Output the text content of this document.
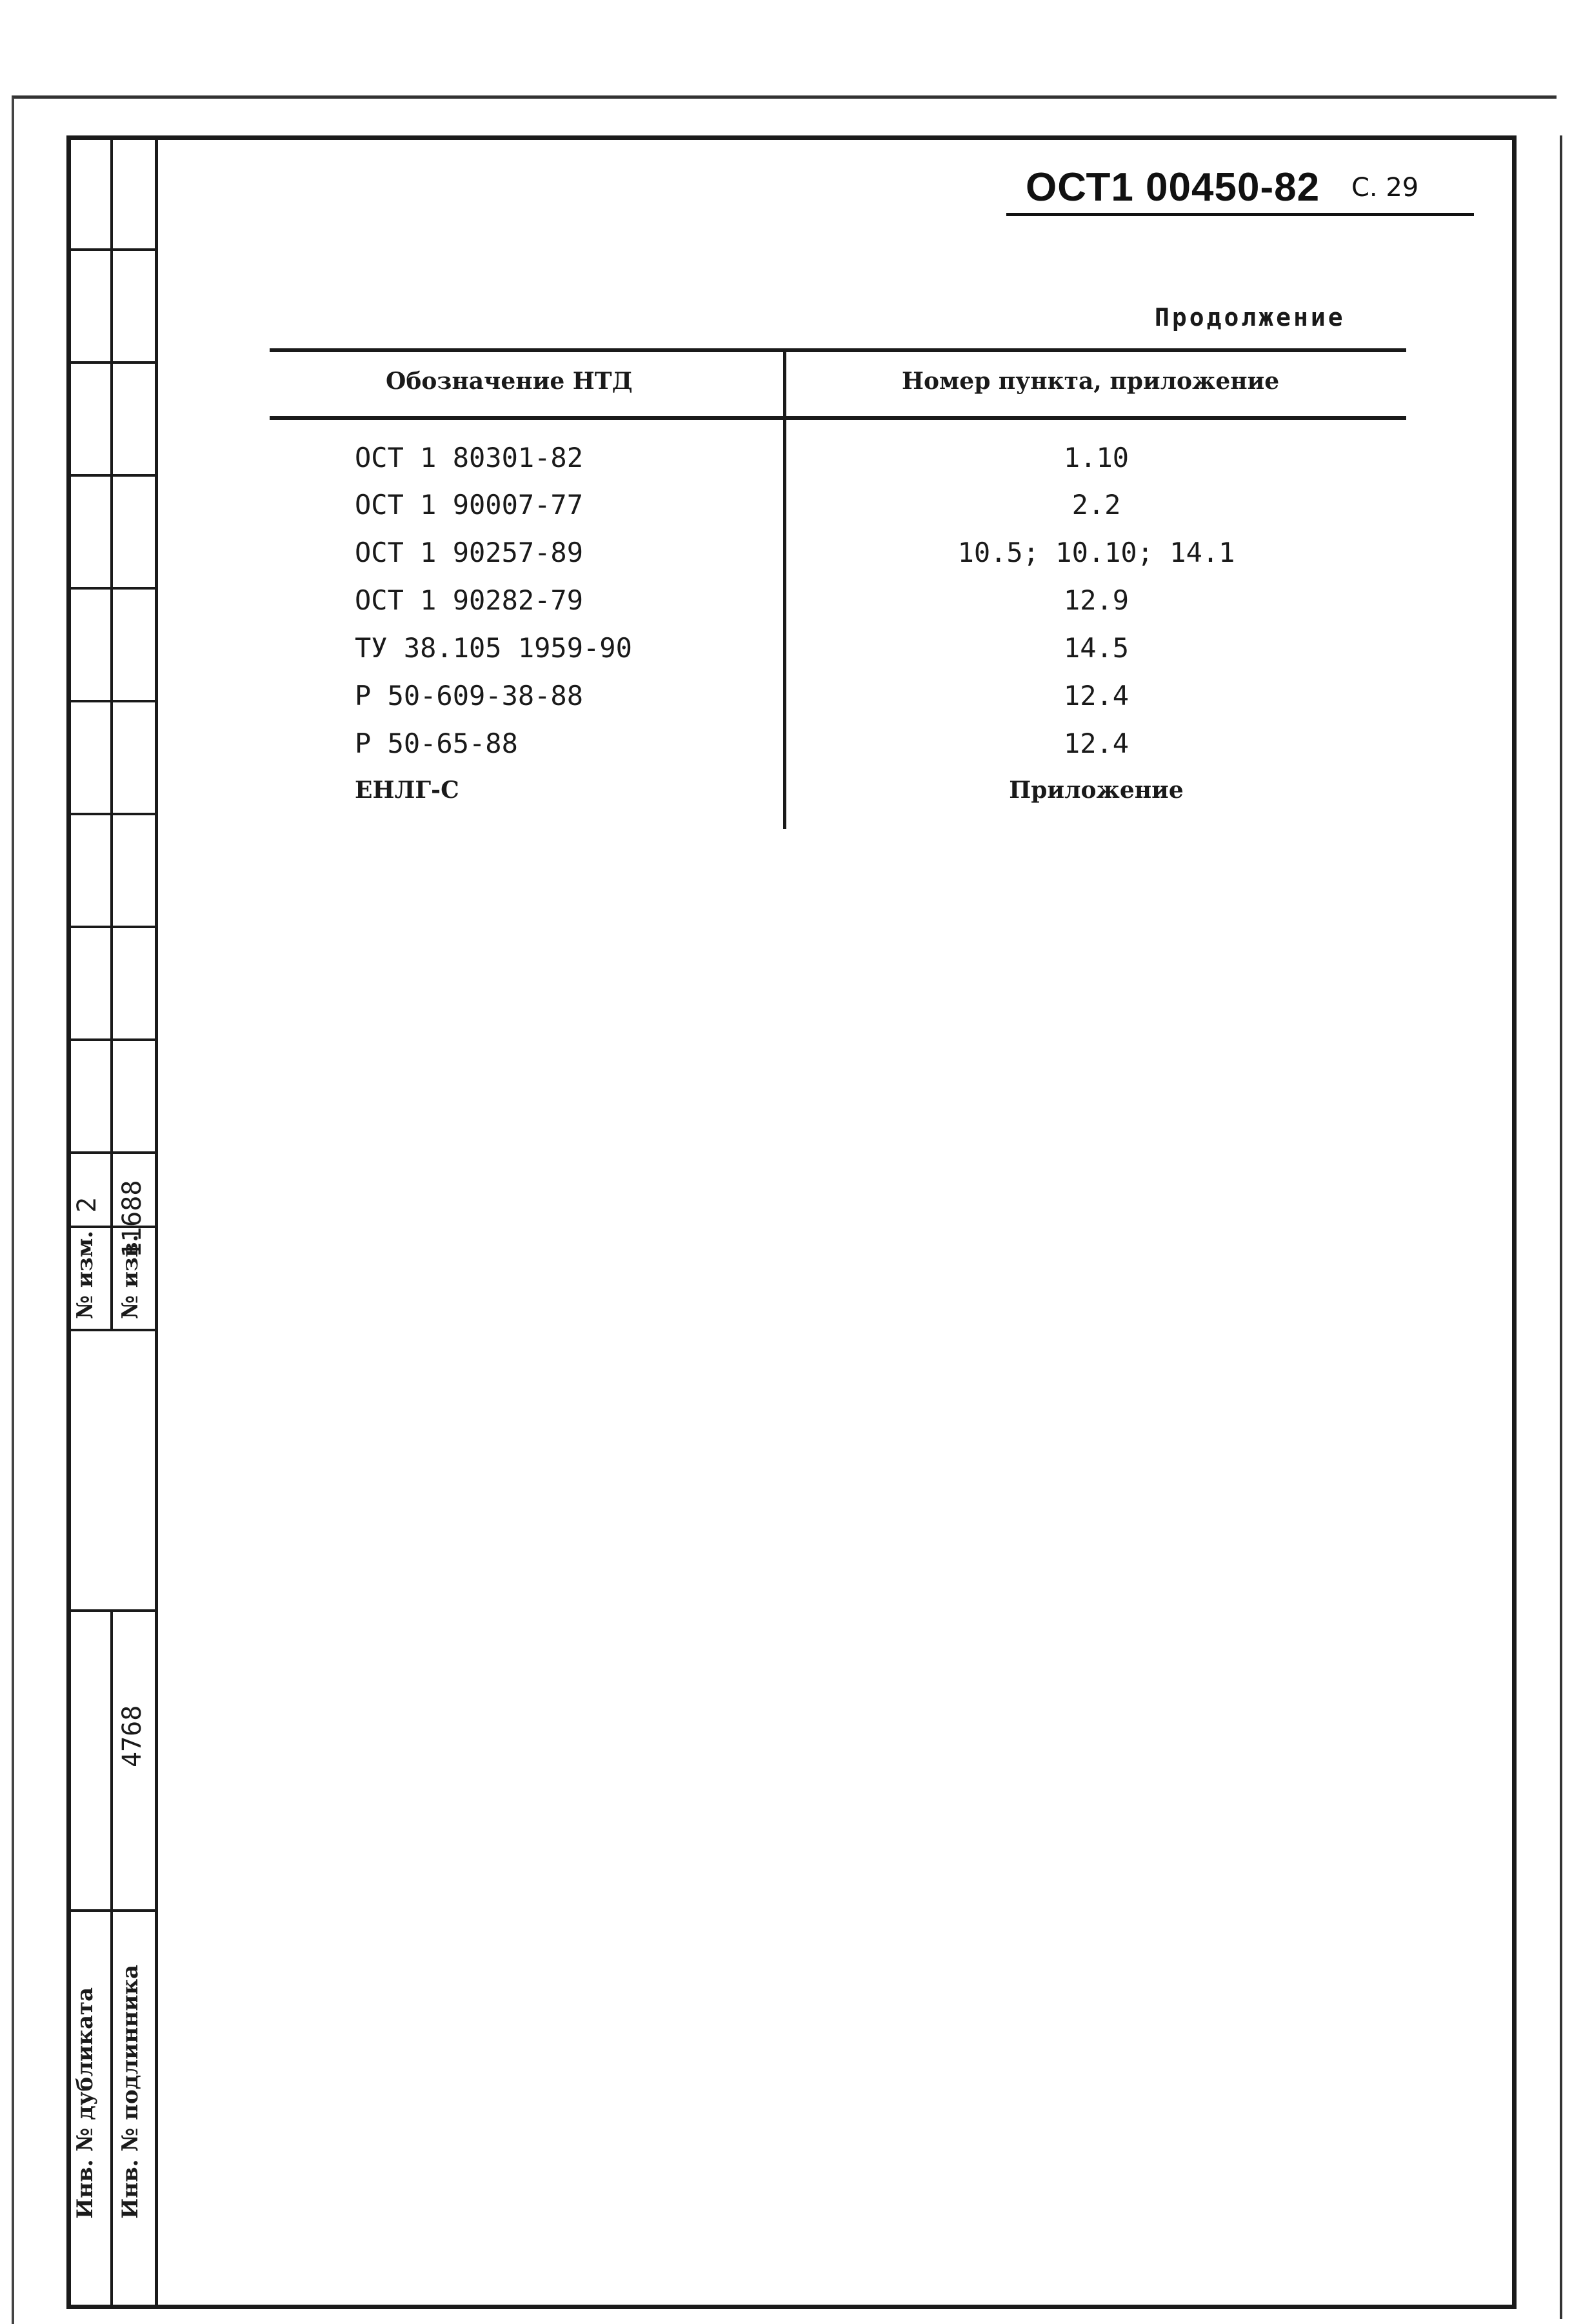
№ изм.
2
№ изв.
11688
Инв. № дубликата Инв. № подлинника
4768
ОСТ1 00450-82 С. 29
Продолжение
Обозначение НТД	Номер пункта, приложение
ОСТ 1 80301-82	1.10
ОСТ 1 90007-77	2.2
ОСТ 1 90257-89	10.5; 10.10; 14.1
ОСТ 1 90282-79	12.9
ТУ 38.105 1959-90	14.5
Р 50-609-38-88	12.4
Р 50-65-88	12.4
ЕНЛГ-С	Приложение
